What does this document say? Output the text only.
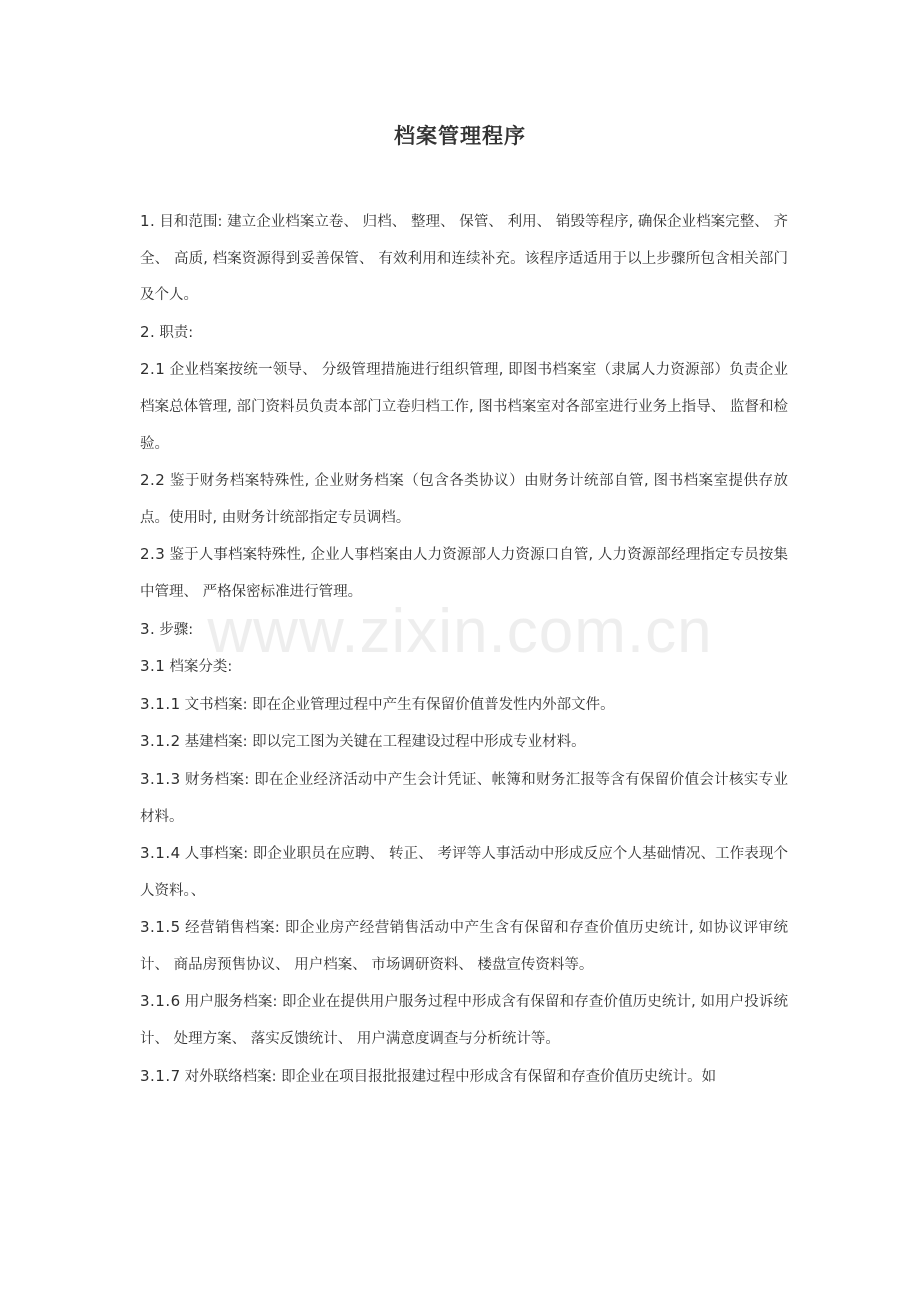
档案管理程序

1. 目和范围: 建立企业档案立卷、 归档、 整理、 保管、 利用、 销毁等程序, 确保企业档案完整、 齐全、 高质, 档案资源得到妥善保管、 有效利用和连续补充。该程序适适用于以上步骤所包含相关部门及个人。

2. 职责:

2.1 企业档案按统一领导、 分级管理措施进行组织管理, 即图书档案室（隶属人力资源部）负责企业档案总体管理, 部门资料员负责本部门立卷归档工作, 图书档案室对各部室进行业务上指导、 监督和检验。

2.2 鉴于财务档案特殊性, 企业财务档案（包含各类协议）由财务计统部自管, 图书档案室提供存放点。使用时, 由财务计统部指定专员调档。

2.3 鉴于人事档案特殊性, 企业人事档案由人力资源部人力资源口自管, 人力资源部经理指定专员按集中管理、 严格保密标准进行管理。

3. 步骤:

3.1 档案分类:

3.1.1 文书档案: 即在企业管理过程中产生有保留价值普发性内外部文件。

3.1.2 基建档案: 即以完工图为关键在工程建设过程中形成专业材料。

3.1.3 财务档案: 即在企业经济活动中产生会计凭证、帐簿和财务汇报等含有保留价值会计核实专业材料。

3.1.4 人事档案: 即企业职员在应聘、 转正、 考评等人事活动中形成反应个人基础情况、工作表现个人资料。、

3.1.5 经营销售档案: 即企业房产经营销售活动中产生含有保留和存查价值历史统计, 如协议评审统计、 商品房预售协议、 用户档案、 市场调研资料、 楼盘宣传资料等。

3.1.6 用户服务档案: 即企业在提供用户服务过程中形成含有保留和存查价值历史统计, 如用户投诉统计、 处理方案、 落实反馈统计、 用户满意度调查与分析统计等。

3.1.7 对外联络档案: 即企业在项目报批报建过程中形成含有保留和存查价值历史统计。如

www.zixin.com.cn
